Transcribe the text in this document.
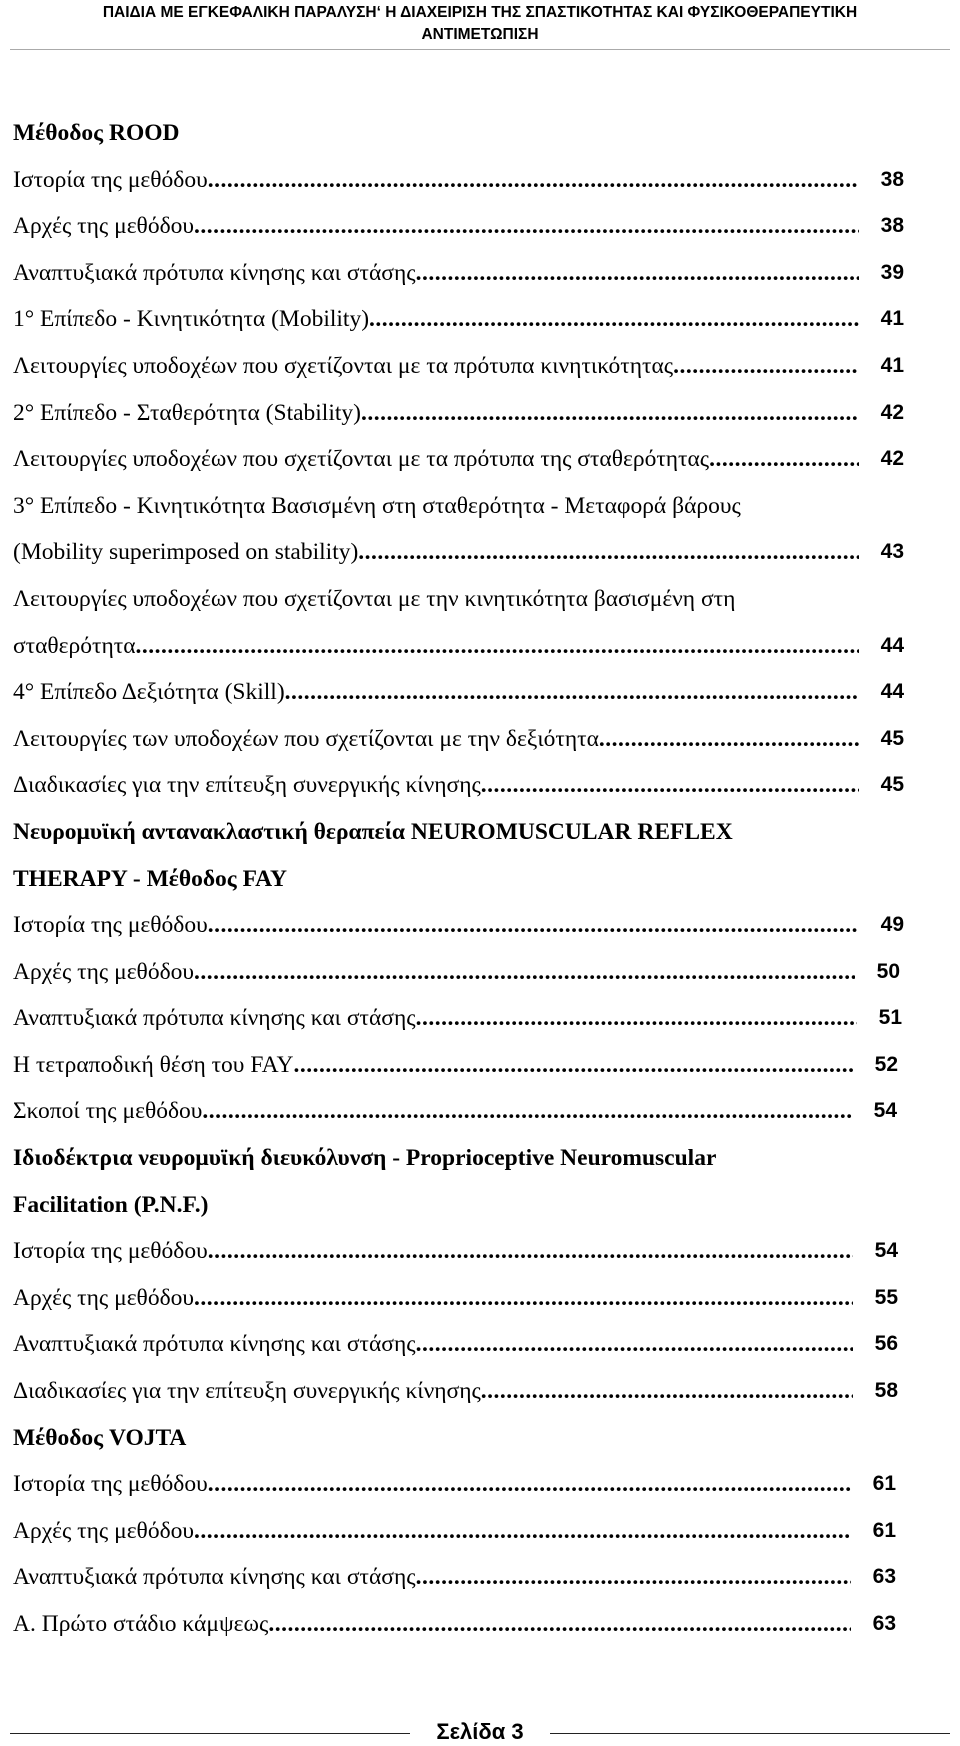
ΠΑΙΔΙΑ ΜΕ ΕΓΚΕΦΑΛΙΚΗ ΠΑΡΑΛΥΣΗ‘ Η ΔΙΑΧΕΙΡΙΣΗ ΤΗΣ ΣΠΑΣΤΙΚΟΤΗΤΑΣ ΚΑΙ ΦΥΣΙΚΟΘΕΡΑΠΕΥΤΙΚΗ
ΑΝΤΙΜΕΤΩΠΙΣΗ
Μέθοδος ROOD
Ιστορία της μεθόδου .....	38
Αρχές της μεθόδου .....	38
Αναπτυξιακά πρότυπα κίνησης και στάσης .....	39
1° Επίπεδο - Κινητικότητα (Mobility) .....	41
Λειτουργίες υποδοχέων που σχετίζονται με τα πρότυπα κινητικότητας .....	41
2° Επίπεδο - Σταθερότητα (Stability) .....	42
Λειτουργίες υποδοχέων που σχετίζονται με τα πρότυπα της σταθερότητας .....	42
3° Επίπεδο - Κινητικότητα Βασισμένη στη σταθερότητα - Μεταφορά βάρους
(Mobility superimposed on stability) .....	43
Λειτουργίες υποδοχέων που σχετίζονται με την κινητικότητα βασισμένη στη
σταθερότητα .....	44
4° Επίπεδο Δεξιότητα (Skill) .....	44
Λειτουργίες των υποδοχέων που σχετίζονται με την δεξιότητα .....	45
Διαδικασίες για την επίτευξη συνεργικής κίνησης .....	45
Νευρομυϊκή αντανακλαστική θεραπεία NEUROMUSCULAR REFLEX
THERAPY - Μέθοδος FAY
Ιστορία της μεθόδου .....	49
Αρχές της μεθόδου .....	50
Αναπτυξιακά πρότυπα κίνησης και στάσης .....	51
Η τετραποδική θέση του FAY .....	52
Σκοποί της μεθόδου .....	54
Ιδιοδέκτρια νευρομυϊκή διευκόλυνση - Proprioceptive Neuromuscular
Facilitation (P.N.F.)
Ιστορία της μεθόδου .....	54
Αρχές της μεθόδου .....	55
Αναπτυξιακά πρότυπα κίνησης και στάσης .....	56
Διαδικασίες για την επίτευξη συνεργικής κίνησης .....	58
Μέθοδος VOJTA
Ιστορία της μεθόδου .....	61
Αρχές της μεθόδου .....	61
Αναπτυξιακά πρότυπα κίνησης και στάσης .....	63
Α. Πρώτο στάδιο κάμψεως .....	63
Σελίδα 3
